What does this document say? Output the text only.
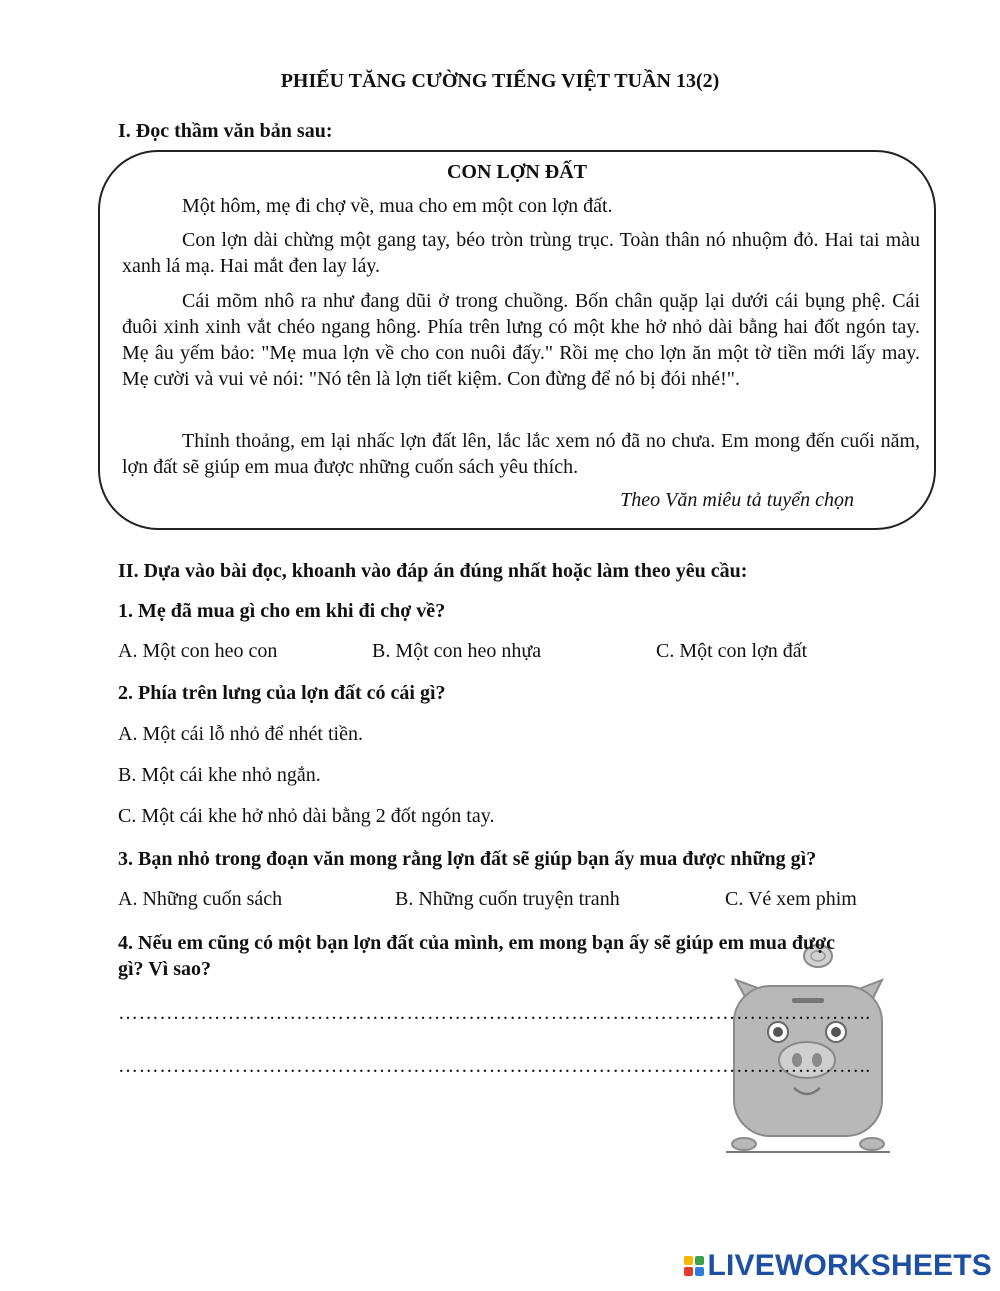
PHIẾU TĂNG CƯỜNG TIẾNG VIỆT TUẦN 13(2)
I. Đọc thầm văn bản sau:
CON LỢN ĐẤT
Một hôm, mẹ đi chợ về, mua cho em một con lợn đất.
Con lợn dài chừng một gang tay, béo tròn trùng trục. Toàn thân nó nhuộm đỏ. Hai tai màu xanh lá mạ. Hai mắt đen lay láy.
Cái mõm nhô ra như đang dũi ở trong chuồng. Bốn chân quặp lại dưới cái bụng phệ. Cái đuôi xinh xinh vắt chéo ngang hông. Phía trên lưng có một khe hở nhỏ dài bằng hai đốt ngón tay. Mẹ âu yếm bảo: "Mẹ mua lợn về cho con nuôi đấy." Rồi mẹ cho lợn ăn một tờ tiền mới lấy may. Mẹ cười và vui vẻ nói: "Nó tên là lợn tiết kiệm. Con đừng để nó bị đói nhé!".
Thỉnh thoảng, em lại nhấc lợn đất lên, lắc lắc xem nó đã no chưa. Em mong đến cuối năm, lợn đất sẽ giúp em mua được những cuốn sách yêu thích.
Theo Văn miêu tả tuyển chọn
II. Dựa vào bài đọc, khoanh vào đáp án đúng nhất hoặc làm theo yêu cầu:
1. Mẹ đã mua gì cho em khi đi chợ về?
A. Một con heo con	B. Một con heo nhựa	C. Một con lợn đất
2. Phía trên lưng của lợn đất có cái gì?
A. Một cái lỗ nhỏ để nhét tiền.
B. Một cái khe nhỏ ngắn.
C. Một cái khe hở nhỏ dài bằng 2 đốt ngón tay.
3. Bạn nhỏ trong đoạn văn mong rằng lợn đất sẽ giúp bạn ấy mua được những gì?
A. Những cuốn sách	B. Những cuốn truyện tranh	C. Vé xem phim
4. Nếu em cũng có một bạn lợn đất của mình, em mong bạn ấy sẽ giúp em mua được
gì? Vì sao?
………………………………………………………………………………………………..
………………………………………………………………………………………………..
LIVEWORKSHEETS
